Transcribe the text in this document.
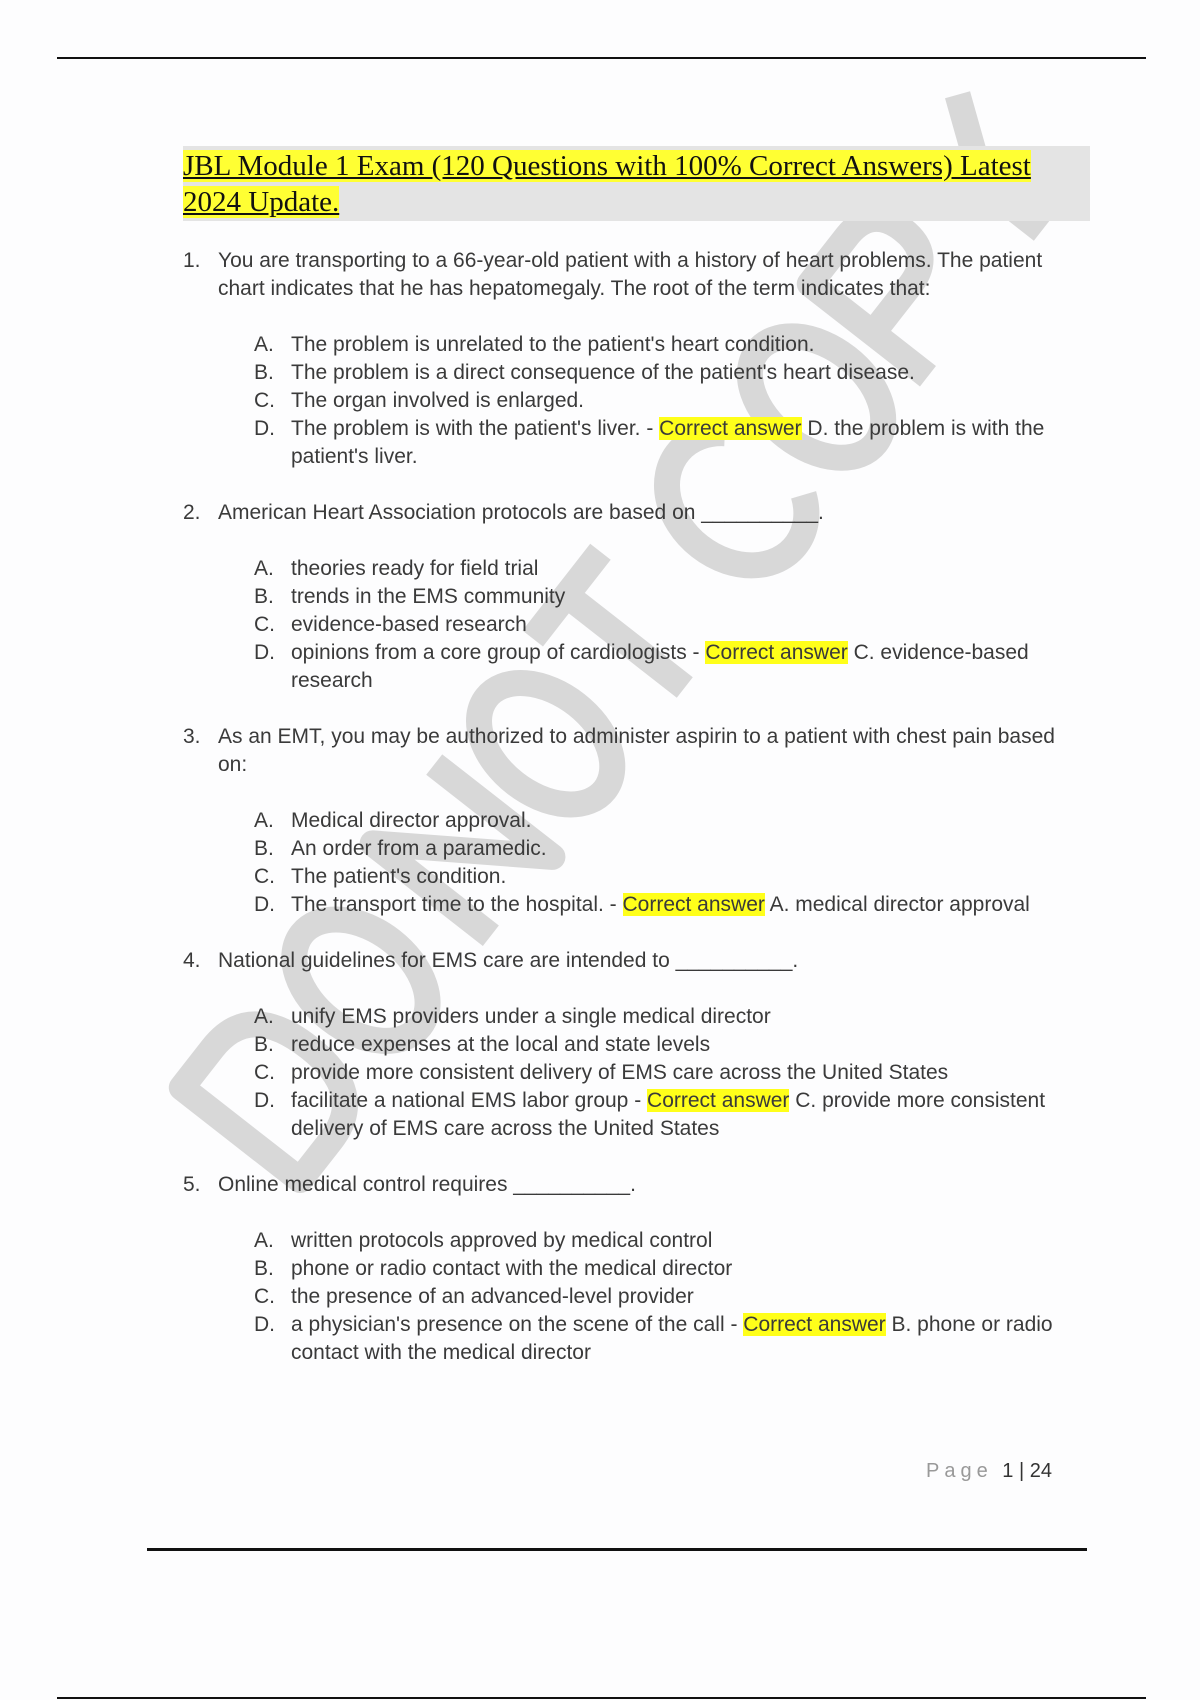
JBL Module 1 Exam (120 Questions with 100% Correct Answers) Latest 2024 Update.
1. You are transporting to a 66-year-old patient with a history of heart problems. The patient chart indicates that he has hepatomegaly. The root of the term indicates that:
A. The problem is unrelated to the patient's heart condition.
B. The problem is a direct consequence of the patient's heart disease.
C. The organ involved is enlarged.
D. The problem is with the patient's liver. - Correct answer D. the problem is with the patient's liver.
2. American Heart Association protocols are based on __________.
A. theories ready for field trial
B. trends in the EMS community
C. evidence-based research
D. opinions from a core group of cardiologists - Correct answer C. evidence-based research
3. As an EMT, you may be authorized to administer aspirin to a patient with chest pain based on:
A. Medical director approval.
B. An order from a paramedic.
C. The patient's condition.
D. The transport time to the hospital. - Correct answer A. medical director approval
4. National guidelines for EMS care are intended to __________.
A. unify EMS providers under a single medical director
B. reduce expenses at the local and state levels
C. provide more consistent delivery of EMS care across the United States
D. facilitate a national EMS labor group - Correct answer C. provide more consistent delivery of EMS care across the United States
5. Online medical control requires __________.
A. written protocols approved by medical control
B. phone or radio contact with the medical director
C. the presence of an advanced-level provider
D. a physician's presence on the scene of the call - Correct answer B. phone or radio contact with the medical director
Page 1 | 24
